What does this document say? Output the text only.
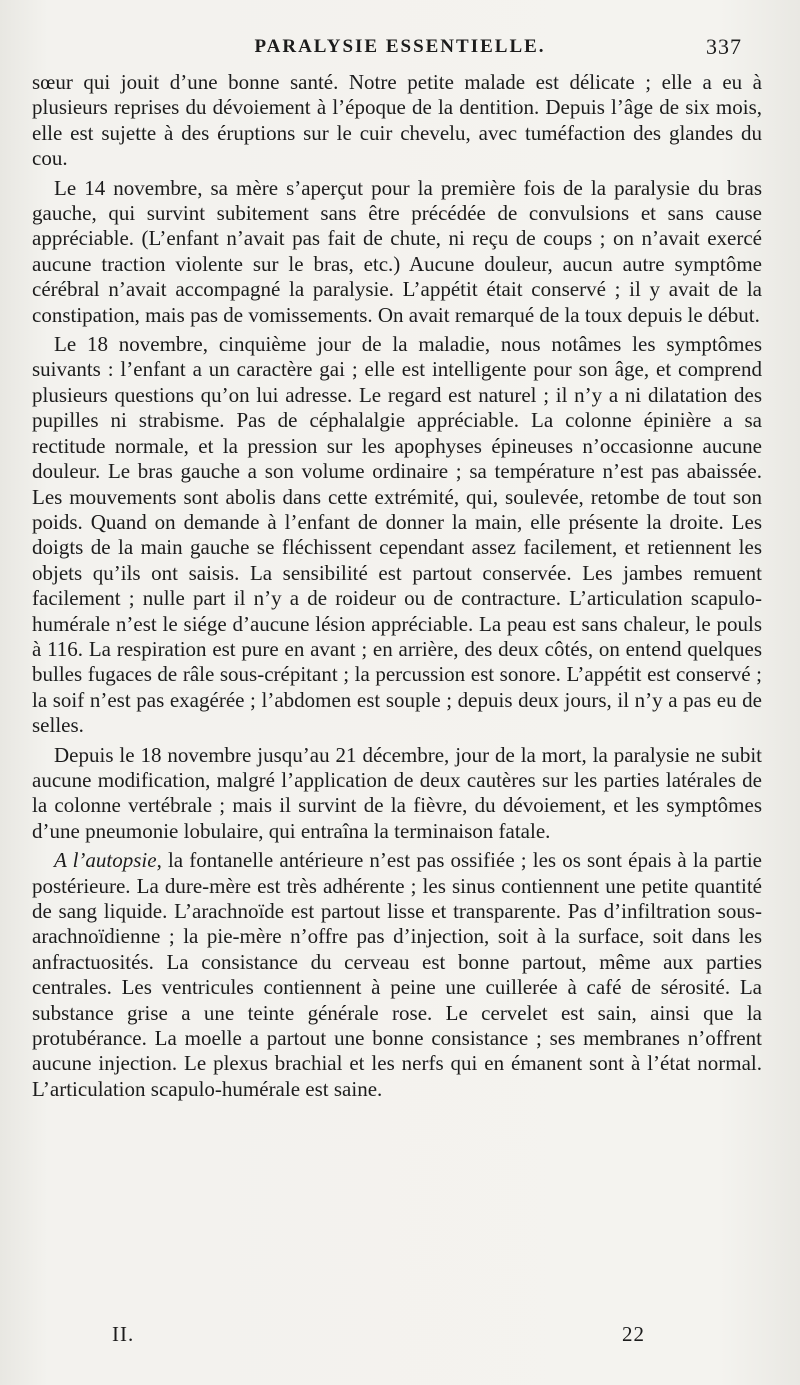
PARALYSIE ESSENTIELLE.	337

sœur qui jouit d’une bonne santé. Notre petite malade est délicate ; elle a eu à plusieurs reprises du dévoiement à l’époque de la dentition. Depuis l’âge de six mois, elle est sujette à des éruptions sur le cuir chevelu, avec tuméfaction des glandes du cou.

Le 14 novembre, sa mère s’aperçut pour la première fois de la paralysie du bras gauche, qui survint subitement sans être précédée de convulsions et sans cause appréciable. (L’enfant n’avait pas fait de chute, ni reçu de coups ; on n’avait exercé aucune traction violente sur le bras, etc.) Aucune douleur, aucun autre symptôme cérébral n’avait accompagné la paralysie. L’appétit était conservé ; il y avait de la constipation, mais pas de vomissements. On avait remarqué de la toux depuis le début.

Le 18 novembre, cinquième jour de la maladie, nous notâmes les symptômes suivants : l’enfant a un caractère gai ; elle est intelligente pour son âge, et comprend plusieurs questions qu’on lui adresse. Le regard est naturel ; il n’y a ni dilatation des pupilles ni strabisme. Pas de céphalalgie appréciable. La colonne épinière a sa rectitude normale, et la pression sur les apophyses épineuses n’occasionne aucune douleur. Le bras gauche a son volume ordinaire ; sa température n’est pas abaissée. Les mouvements sont abolis dans cette extrémité, qui, soulevée, retombe de tout son poids. Quand on demande à l’enfant de donner la main, elle présente la droite. Les doigts de la main gauche se fléchissent cependant assez facilement, et retiennent les objets qu’ils ont saisis. La sensibilité est partout conservée. Les jambes remuent facilement ; nulle part il n’y a de roideur ou de contracture. L’articulation scapulo-humérale n’est le siége d’aucune lésion appréciable. La peau est sans chaleur, le pouls à 116. La respiration est pure en avant ; en arrière, des deux côtés, on entend quelques bulles fugaces de râle sous-crépitant ; la percussion est sonore. L’appétit est conservé ; la soif n’est pas exagérée ; l’abdomen est souple ; depuis deux jours, il n’y a pas eu de selles.

Depuis le 18 novembre jusqu’au 21 décembre, jour de la mort, la paralysie ne subit aucune modification, malgré l’application de deux cautères sur les parties latérales de la colonne vertébrale ; mais il survint de la fièvre, du dévoiement, et les symptômes d’une pneumonie lobulaire, qui entraîna la terminaison fatale.

A l’autopsie, la fontanelle antérieure n’est pas ossifiée ; les os sont épais à la partie postérieure. La dure-mère est très adhérente ; les sinus contiennent une petite quantité de sang liquide. L’arachnoïde est partout lisse et transparente. Pas d’infiltration sous-arachnoïdienne ; la pie-mère n’offre pas d’injection, soit à la surface, soit dans les anfractuosités. La consistance du cerveau est bonne partout, même aux parties centrales. Les ventricules contiennent à peine une cuillerée à café de sérosité. La substance grise a une teinte générale rose. Le cervelet est sain, ainsi que la protubérance. La moelle a partout une bonne consistance ; ses membranes n’offrent aucune injection. Le plexus brachial et les nerfs qui en émanent sont à l’état normal. L’articulation scapulo-humérale est saine.

II.	22
